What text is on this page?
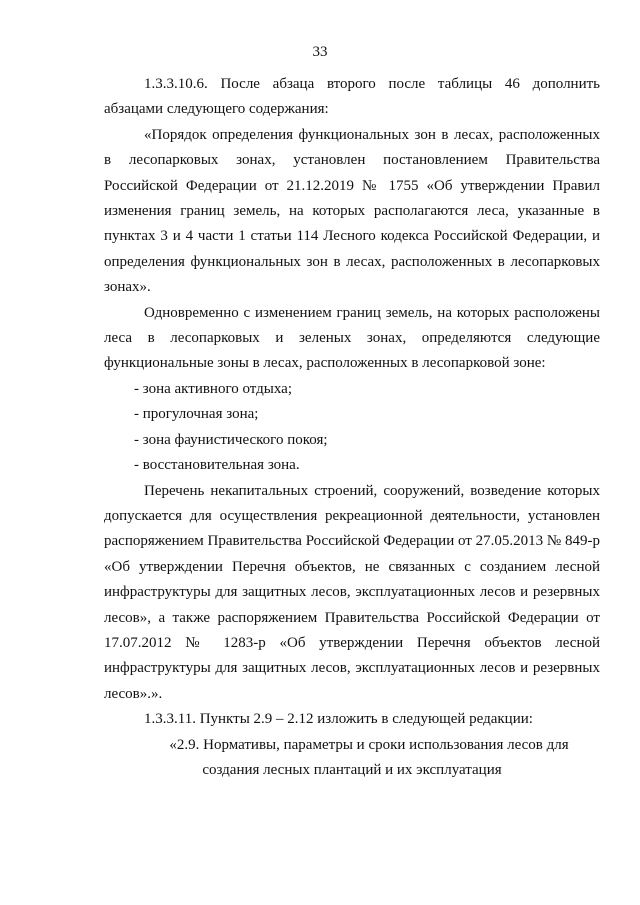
33

1.3.3.10.6. После абзаца второго после таблицы 46 дополнить абзацами следующего содержания:

«Порядок определения функциональных зон в лесах, расположенных в лесопарковых зонах, установлен постановлением Правительства Российской Федерации от 21.12.2019 № 1755 «Об утверждении Правил изменения границ земель, на которых располагаются леса, указанные в пунктах 3 и 4 части 1 статьи 114 Лесного кодекса Российской Федерации, и определения функциональных зон в лесах, расположенных в лесопарковых зонах».

Одновременно с изменением границ земель, на которых расположены леса в лесопарковых и зеленых зонах, определяются следующие функциональные зоны в лесах, расположенных в лесопарковой зоне:

- зона активного отдыха;

- прогулочная зона;

- зона фаунистического покоя;

- восстановительная зона.

Перечень некапитальных строений, сооружений, возведение которых допускается для осуществления рекреационной деятельности, установлен распоряжением Правительства Российской Федерации от 27.05.2013 № 849-р «Об утверждении Перечня объектов, не связанных с созданием лесной инфраструктуры для защитных лесов, эксплуатационных лесов и резервных лесов», а также распоряжением Правительства Российской Федерации от 17.07.2012 № 1283-р «Об утверждении Перечня объектов лесной инфраструктуры для защитных лесов, эксплуатационных лесов и резервных лесов».».

1.3.3.11. Пункты 2.9 – 2.12 изложить в следующей редакции:

«2.9. Нормативы, параметры и сроки использования лесов для

создания лесных плантаций и их эксплуатация
